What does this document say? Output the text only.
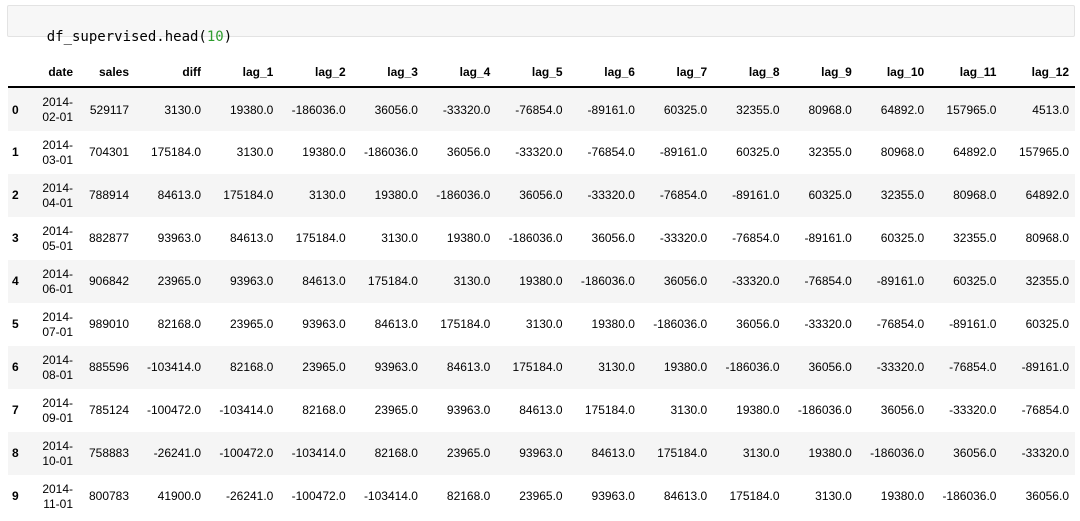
df_supervised.head(10)

	date	sales	diff	lag_1	lag_2	lag_3	lag_4	lag_5	lag_6	lag_7	lag_8	lag_9	lag_10	lag_11	lag_12
0	2014-02-01	529117	3130.0	19380.0	-186036.0	36056.0	-33320.0	-76854.0	-89161.0	60325.0	32355.0	80968.0	64892.0	157965.0	4513.0
1	2014-03-01	704301	175184.0	3130.0	19380.0	-186036.0	36056.0	-33320.0	-76854.0	-89161.0	60325.0	32355.0	80968.0	64892.0	157965.0
2	2014-04-01	788914	84613.0	175184.0	3130.0	19380.0	-186036.0	36056.0	-33320.0	-76854.0	-89161.0	60325.0	32355.0	80968.0	64892.0
3	2014-05-01	882877	93963.0	84613.0	175184.0	3130.0	19380.0	-186036.0	36056.0	-33320.0	-76854.0	-89161.0	60325.0	32355.0	80968.0
4	2014-06-01	906842	23965.0	93963.0	84613.0	175184.0	3130.0	19380.0	-186036.0	36056.0	-33320.0	-76854.0	-89161.0	60325.0	32355.0
5	2014-07-01	989010	82168.0	23965.0	93963.0	84613.0	175184.0	3130.0	19380.0	-186036.0	36056.0	-33320.0	-76854.0	-89161.0	60325.0
6	2014-08-01	885596	-103414.0	82168.0	23965.0	93963.0	84613.0	175184.0	3130.0	19380.0	-186036.0	36056.0	-33320.0	-76854.0	-89161.0
7	2014-09-01	785124	-100472.0	-103414.0	82168.0	23965.0	93963.0	84613.0	175184.0	3130.0	19380.0	-186036.0	36056.0	-33320.0	-76854.0
8	2014-10-01	758883	-26241.0	-100472.0	-103414.0	82168.0	23965.0	93963.0	84613.0	175184.0	3130.0	19380.0	-186036.0	36056.0	-33320.0
9	2014-11-01	800783	41900.0	-26241.0	-100472.0	-103414.0	82168.0	23965.0	93963.0	84613.0	175184.0	3130.0	19380.0	-186036.0	36056.0
